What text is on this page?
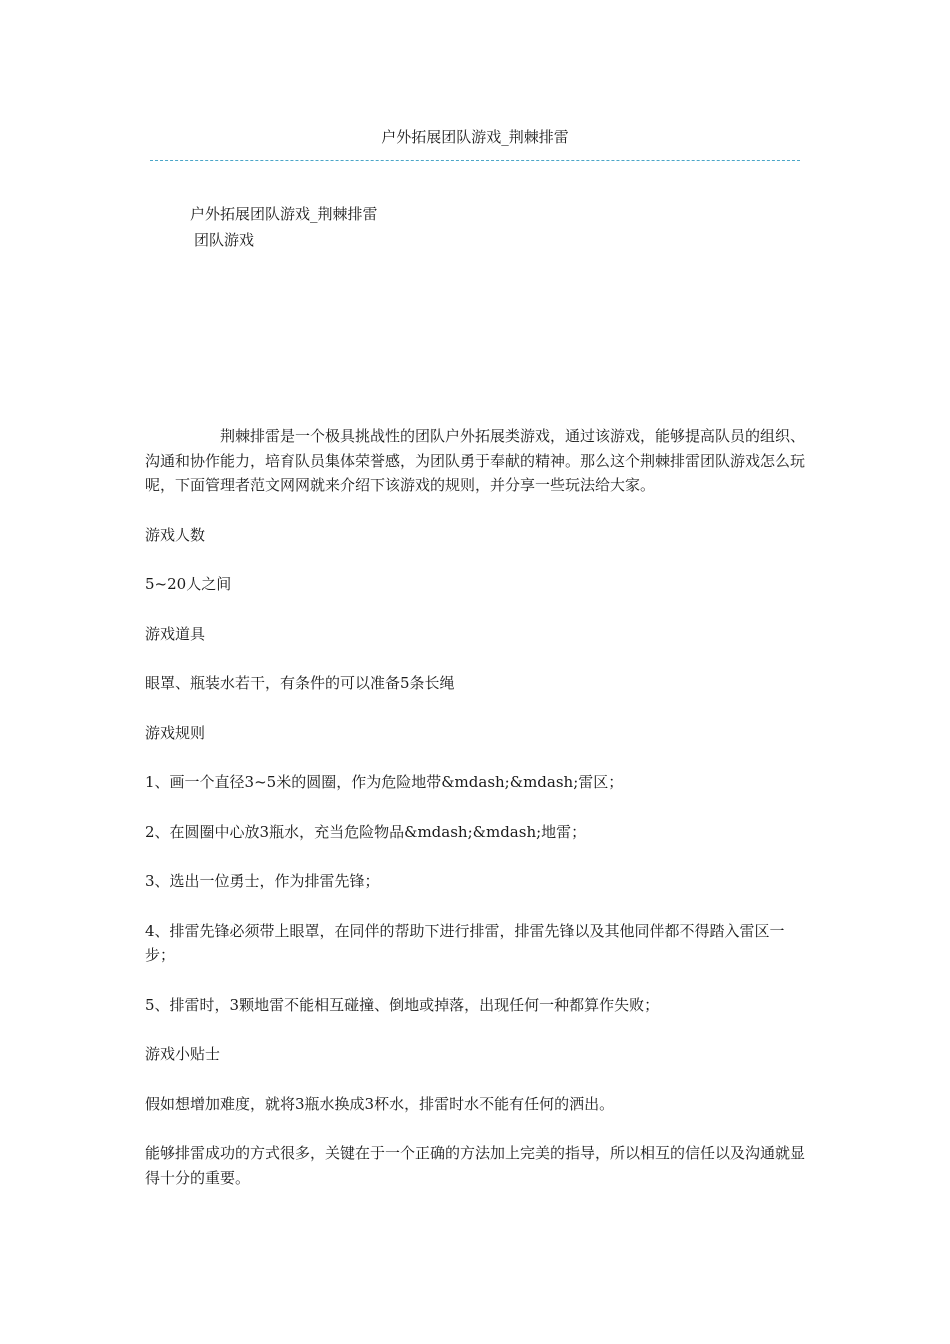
户外拓展团队游戏_荆棘排雷
户外拓展团队游戏_荆棘排雷
团队游戏

荆棘排雷是一个极具挑战性的团队户外拓展类游戏，通过该游戏，能够提高队员的组织、沟通和协作能力，培育队员集体荣誉感，为团队勇于奉献的精神。那么这个荆棘排雷团队游戏怎么玩呢，下面管理者范文网网就来介绍下该游戏的规则，并分享一些玩法给大家。

游戏人数

5~20人之间

游戏道具

眼罩、瓶装水若干，有条件的可以准备5条长绳

游戏规则

1、画一个直径3~5米的圆圈，作为危险地带&mdash;&mdash;雷区；

2、在圆圈中心放3瓶水，充当危险物品&mdash;&mdash;地雷；

3、选出一位勇士，作为排雷先锋；

4、排雷先锋必须带上眼罩，在同伴的帮助下进行排雷，排雷先锋以及其他同伴都不得踏入雷区一步；

5、排雷时，3颗地雷不能相互碰撞、倒地或掉落，出现任何一种都算作失败；

游戏小贴士

假如想增加难度，就将3瓶水换成3杯水，排雷时水不能有任何的洒出。

能够排雷成功的方式很多，关键在于一个正确的方法加上完美的指导，所以相互的信任以及沟通就显得十分的重要。
